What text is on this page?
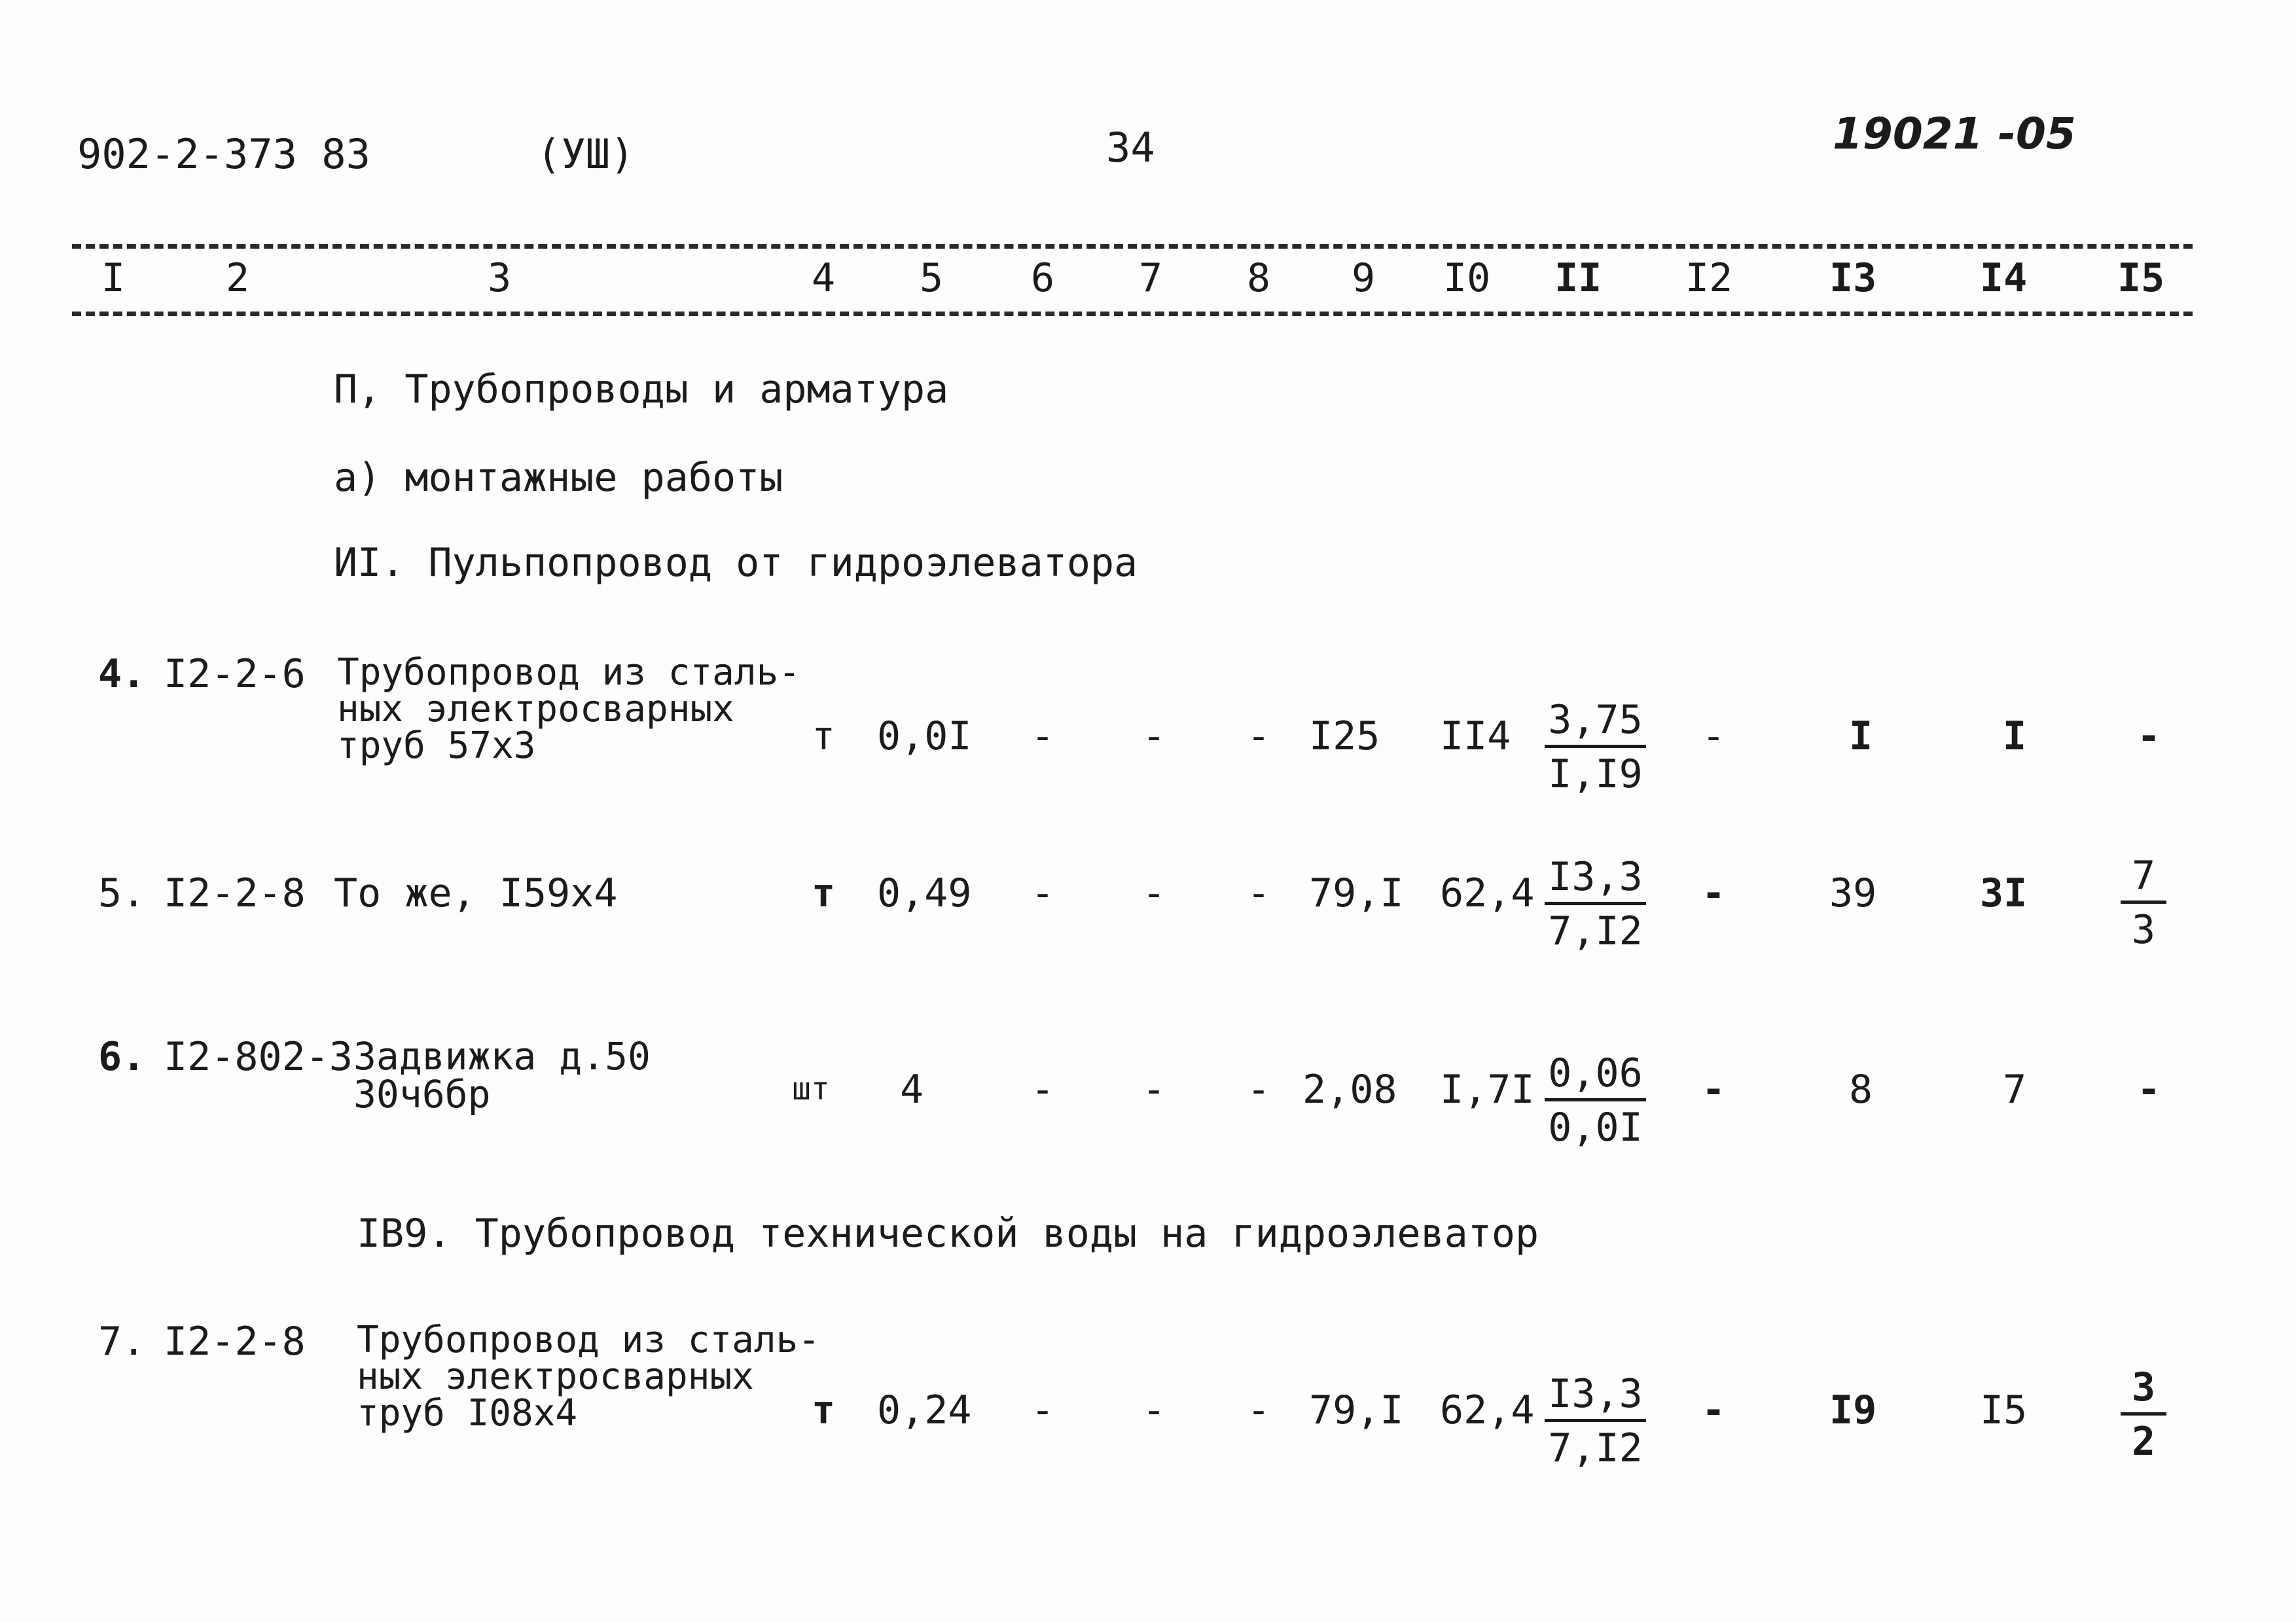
902-2-373 83	(УШ)	34	19021 -05
I	2	3	4 5 6 7 8 9 I0 II I2 I3	I4 I5
П, Трубопроводы и арматура
а) монтажные работы
ИI. Пульпопровод от гидроэлеватора
4. I2-2-6 Трубопровод из сталь-
ных электросварных
труб 57х3	т 0,0I - - - I25 $II4 \frac{3,75}{I,I9}$ -	I	I	-
5. I2-2-8 То же, I59х4	т 0,49 - - - 79,I $62,4 \frac{I3,3}{7,I2}$ -	39	$3I \frac{7}{3}$
6. I2-802-3 Задвижка д.50
30ч6бр	шт 4	- - - 2,08 $I,7I \frac{0,06}{0,0I}$ -	8	7	-
IВ9. Трубопровод технической воды на гидроэлеватор
7. I2-2-8 Трубопровод из сталь-
ных электросварных
труб I08х4	т 0,24 - - - 79,I $62,4 \frac{I3,3}{7,I2}$ -	I9	$I5 \frac{3}{2}$
